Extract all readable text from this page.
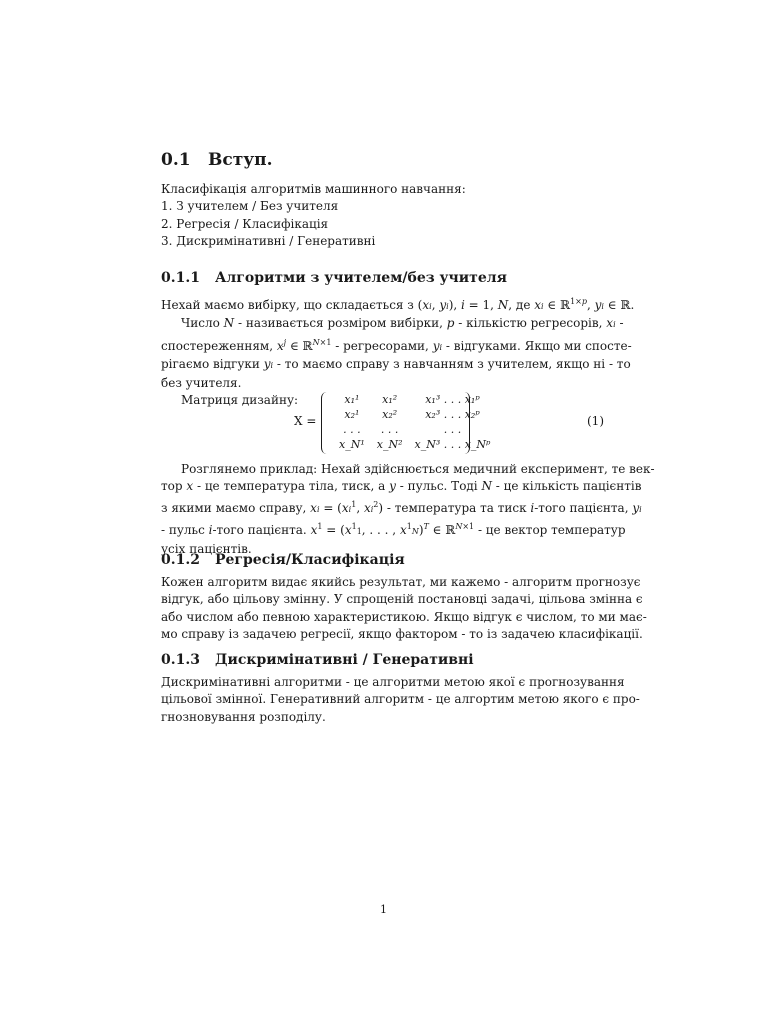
0.1 Вступ.
Класифікація алгоритмів машинного навчання:
1. З учителем / Без учителя
2. Регресія / Класифікація
3. Дискримінативні / Генеративні
0.1.1 Алгоритми з учителем/без учителя
Нехай маємо вибірку, що складається з (xi, yi), i = 1, N, де xi ∈ ℝ$^{1\times p}$, yi ∈ ℝ.
Число N - називається розміром вибірки, p - кількістю регресорів, xi -
спостереженням, $x^j$ ∈ ℝ$^{N\times 1}$ - регресорами, yi - відгуками. Якщо ми спосте-
рігаємо відгуки yi - то маємо справу з навчанням з учителем, якщо ні - то
без учителя.
Матриця дизайну:
X =
x₁¹	x₁²	x₁³ . . . x₁ᵖ
x₂¹	x₂²	x₂³ . . . x₂ᵖ
. . .	. . .	. . .
x_N¹	x_N²	x_N³ . . . x_Nᵖ
(1)
Розглянемо приклад: Нехай здійснюється медичний експеримент, те век-
тор x - це температура тіла, тиск, а y - пульс. Тоді N - це кількість пацієнтів
з якими маємо справу, xi = ($xi^1$, $xi^2$) - температура та тиск i-того пацієнта, yi
- пульс i-того пацієнта. $x^1 = (x^11$, . . . , $x^1N)^T$ ∈ ℝ$^{N\times 1}$ - це вектор температур
усіх пацієнтів.
0.1.2 Регресія/Класифікація
Кожен алгоритм видає якийсь результат, ми кажемо - алгоритм прогнозує
відгук, або цільову змінну. У спрощеній постановці задачі, цільова змінна є
або числом або певною характеристикою. Якщо відгук є числом, то ми має-
мо справу із задачею регресії, якщо фактором - то із задачею класифікації.
0.1.3 Дискримінативні / Генеративні
Дискримінативні алгоритми - це алгоритми метою якої є прогнозування
цільової змінної. Генеративний алгоритм - це алгортим метою якого є про-
гнозновування розподілу.
1
